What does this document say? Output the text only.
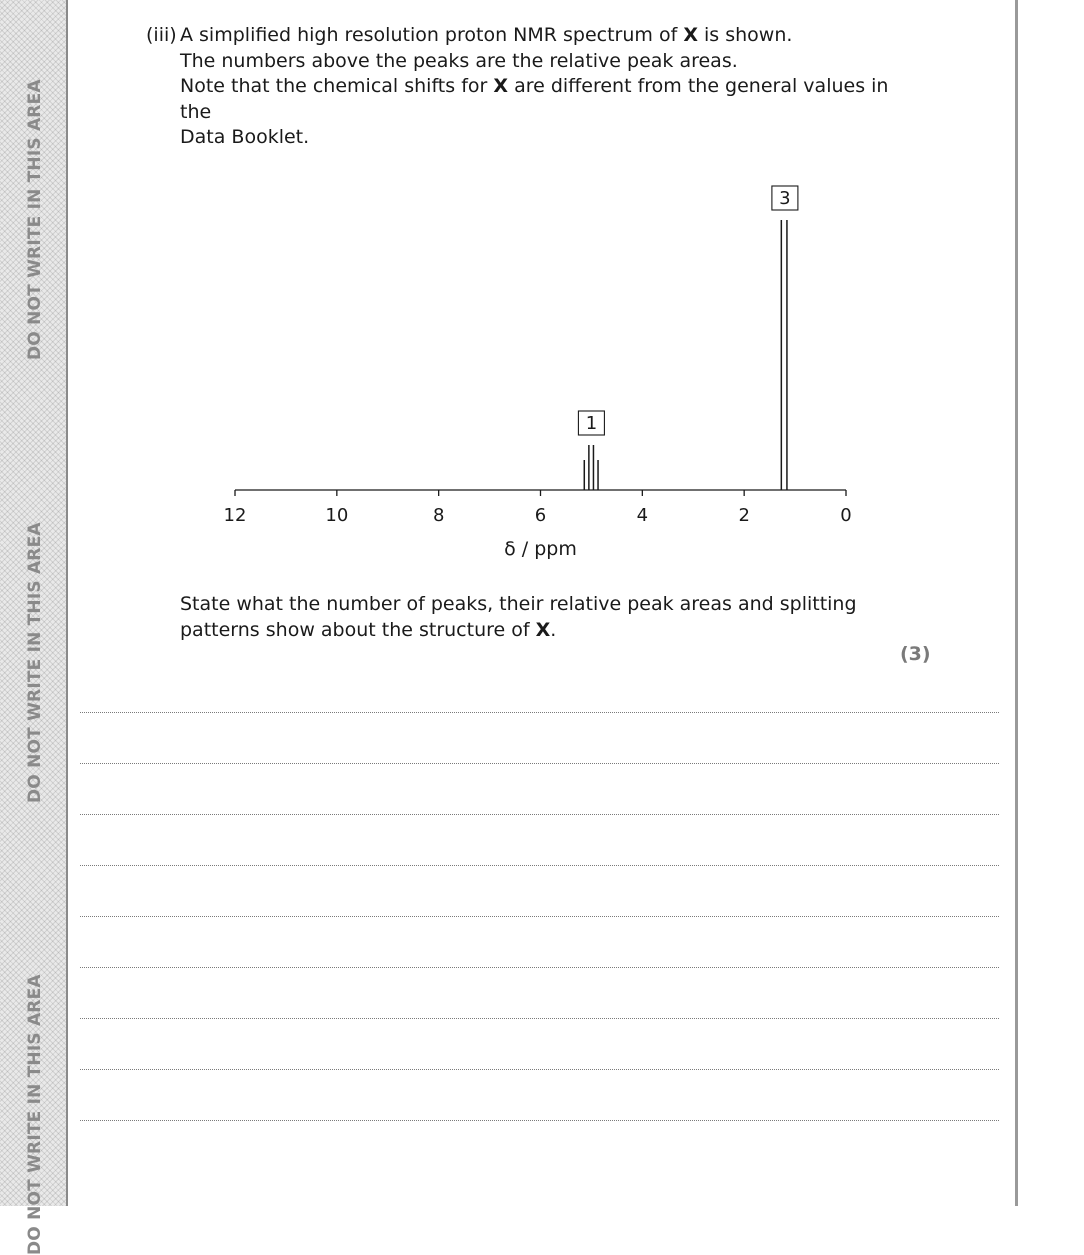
DO NOT WRITE IN THIS AREA
DO NOT WRITE IN THIS AREA
DO NOT WRITE IN THIS AREA
(iii) A simplified high resolution proton NMR spectrum of X is shown.
The numbers above the peaks are the relative peak areas.
Note that the chemical shifts for X are different from the general values in the
Data Booklet.
12	10	8	6	4	2	0
1
3
δ / ppm
State what the number of peaks, their relative peak areas and splitting
patterns show about the structure of X.
(3)
